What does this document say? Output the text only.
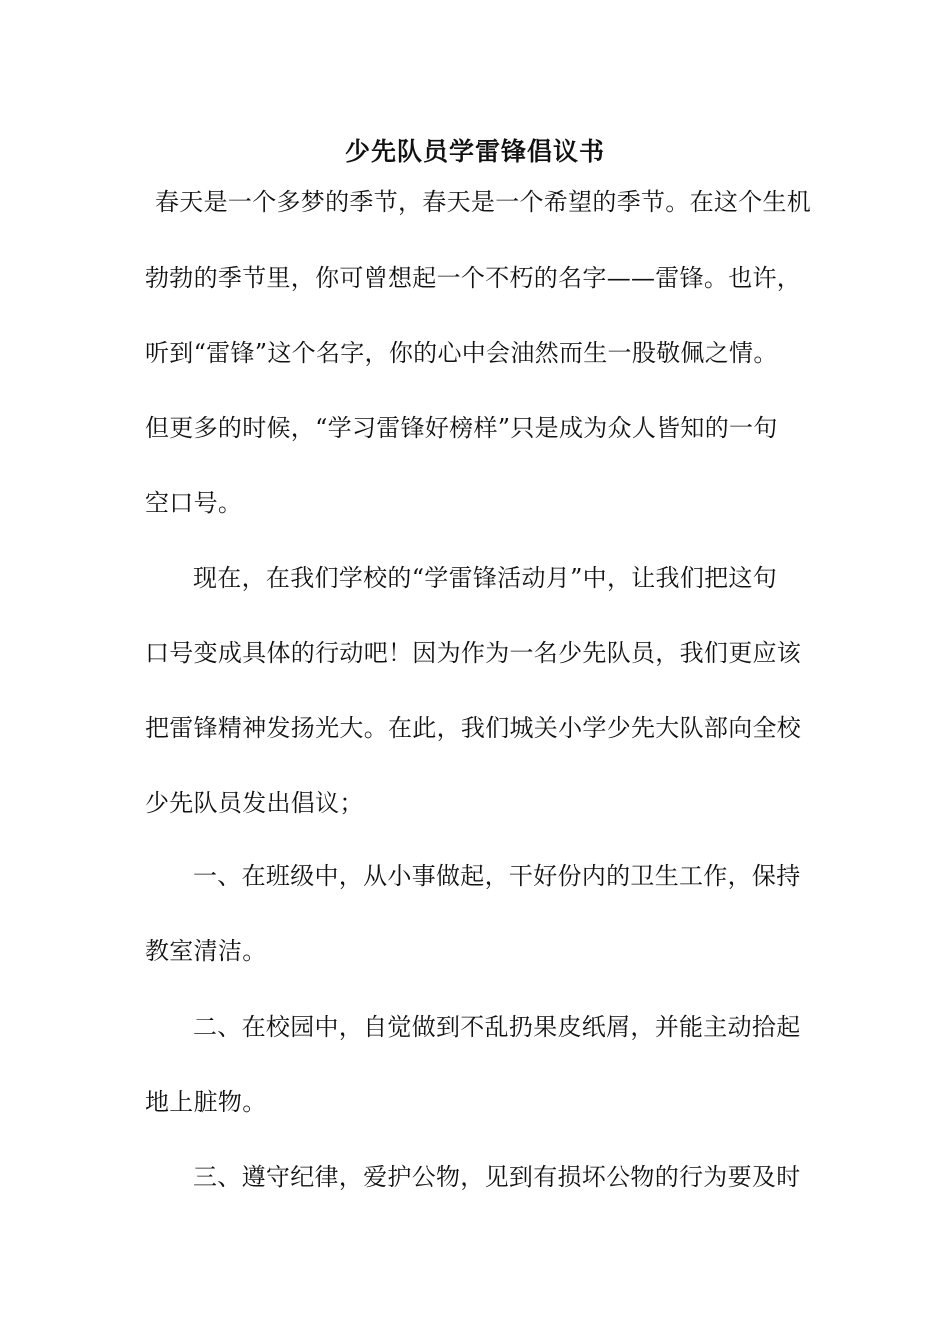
少先队员学雷锋倡议书
春天是一个多梦的季节，春天是一个希望的季节。在这个生机
勃勃的季节里，你可曾想起一个不朽的名字——雷锋。也许，
听到“雷锋”这个名字，你的心中会油然而生一股敬佩之情。
但更多的时候，“学习雷锋好榜样”只是成为众人皆知的一句
空口号。
现在，在我们学校的“学雷锋活动月”中，让我们把这句
口号变成具体的行动吧！因为作为一名少先队员，我们更应该
把雷锋精神发扬光大。在此，我们城关小学少先大队部向全校
少先队员发出倡议；
一、在班级中，从小事做起，干好份内的卫生工作，保持
教室清洁。
二、在校园中，自觉做到不乱扔果皮纸屑，并能主动拾起
地上脏物。
三、遵守纪律，爱护公物，见到有损坏公物的行为要及时
